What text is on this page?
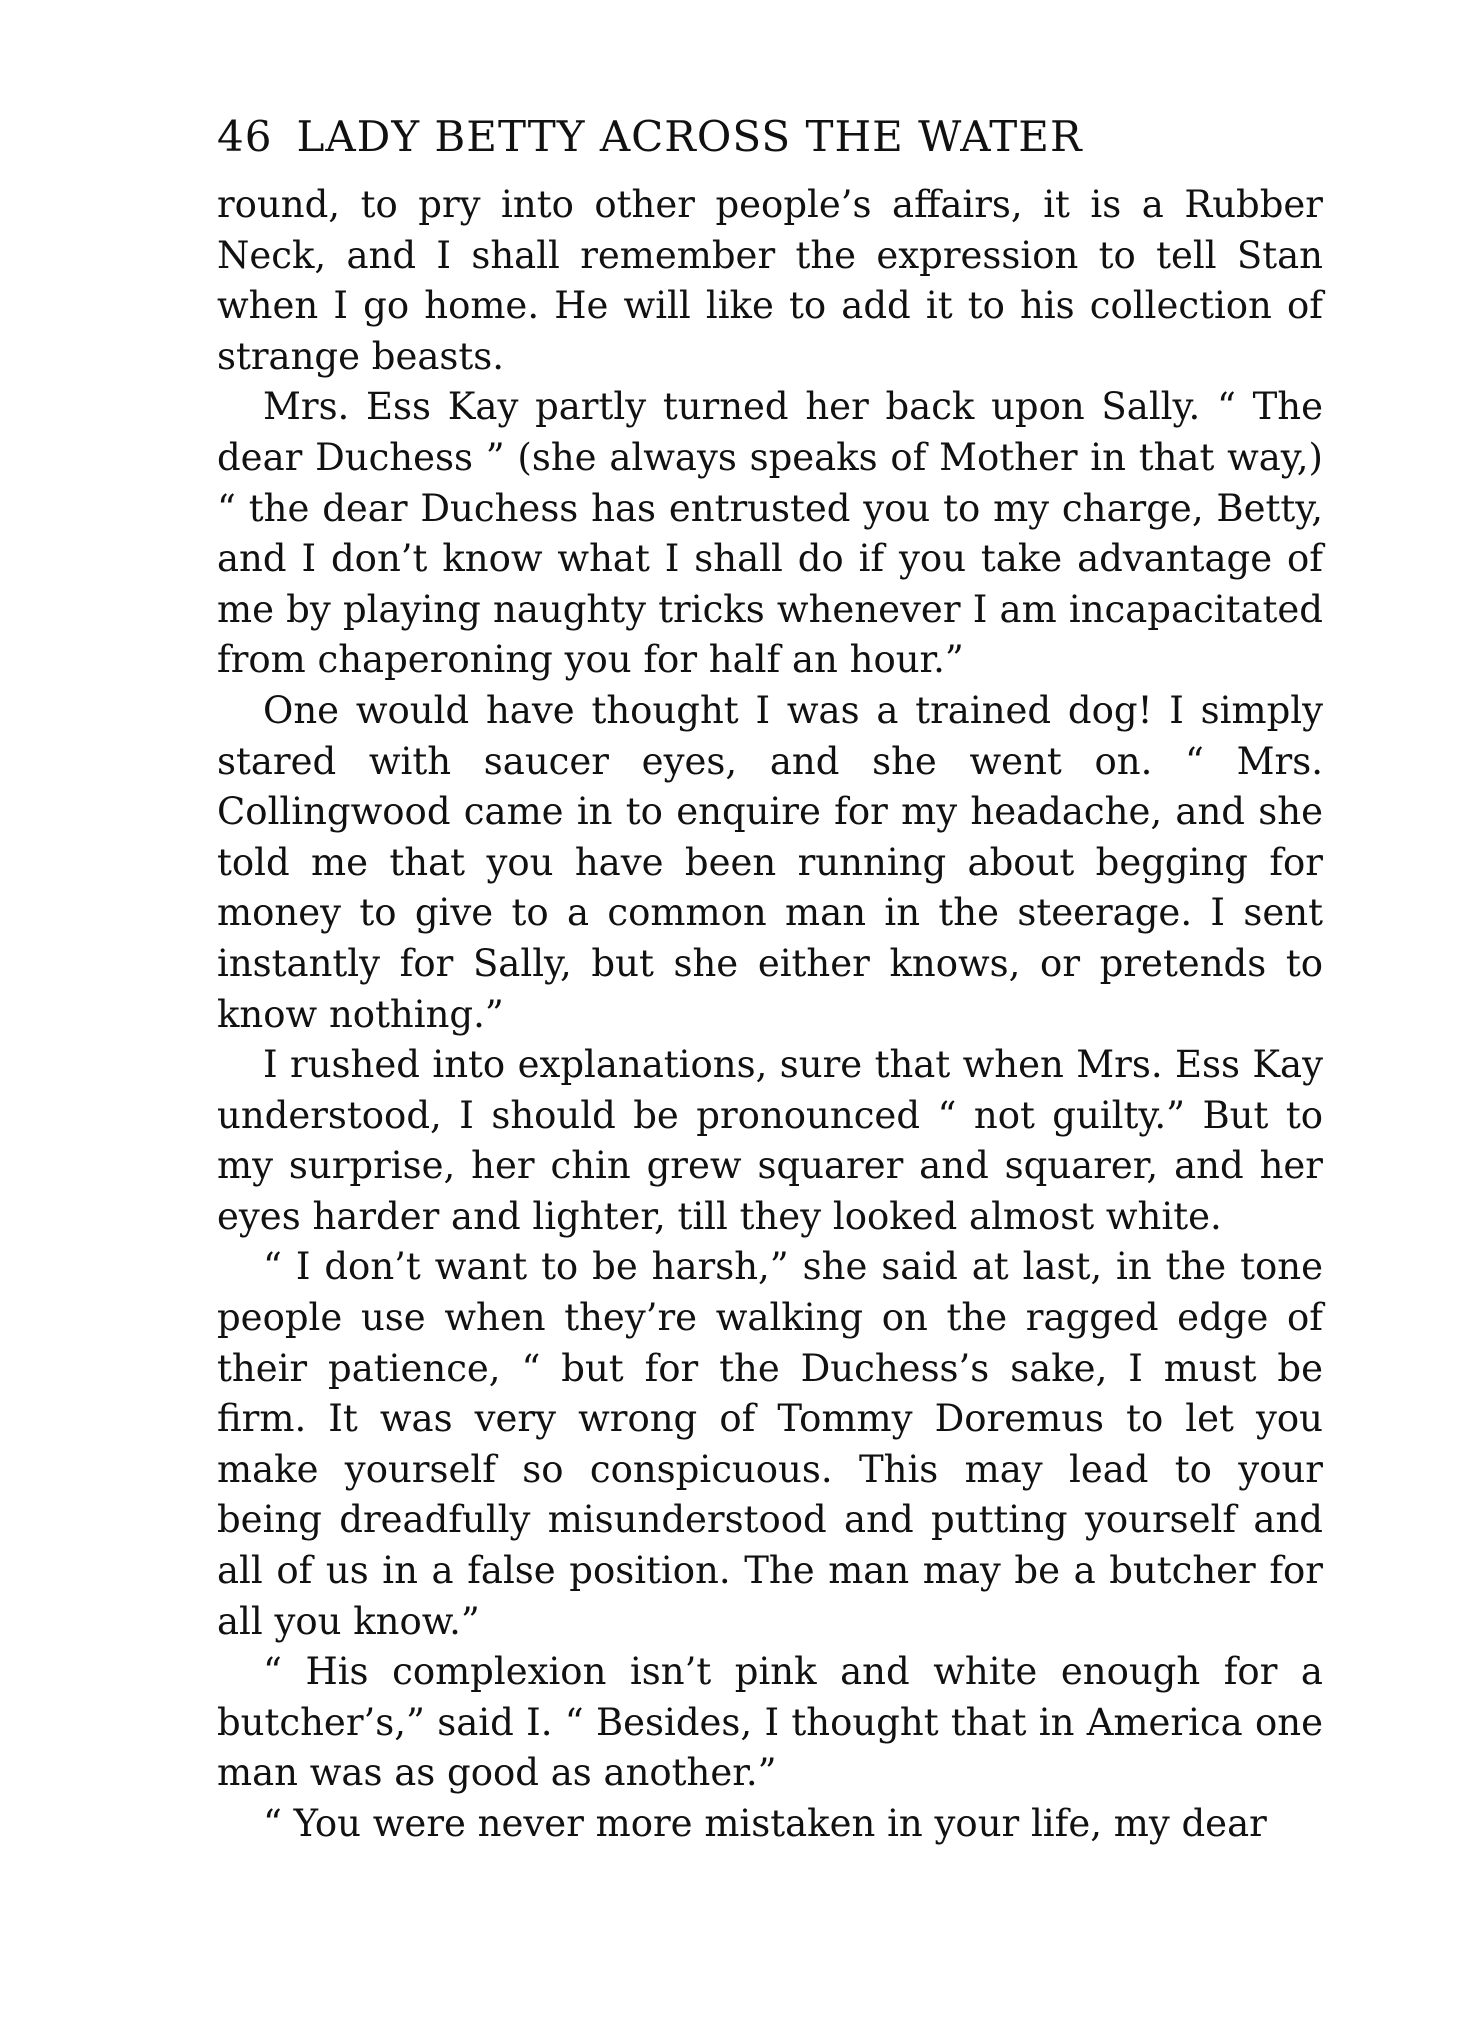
46 LADY BETTY ACROSS THE WATER

round, to pry into other people’s affairs, it is a Rubber Neck, and I shall remember the expression to tell Stan when I go home. He will like to add it to his collection of strange beasts.

Mrs. Ess Kay partly turned her back upon Sally. “ The dear Duchess ” (she always speaks of Mother in that way,) “ the dear Duchess has entrusted you to my charge, Betty, and I don’t know what I shall do if you take advantage of me by playing naughty tricks whenever I am incapacitated from chaperoning you for half an hour.”

One would have thought I was a trained dog! I simply stared with saucer eyes, and she went on. “ Mrs. Collingwood came in to enquire for my headache, and she told me that you have been running about begging for money to give to a common man in the steerage. I sent instantly for Sally, but she either knows, or pretends to know nothing.”

I rushed into explanations, sure that when Mrs. Ess Kay understood, I should be pronounced “ not guilty.” But to my surprise, her chin grew squarer and squarer, and her eyes harder and lighter, till they looked almost white.

“ I don’t want to be harsh,” she said at last, in the tone people use when they’re walking on the ragged edge of their patience, “ but for the Duchess’s sake, I must be firm. It was very wrong of Tommy Doremus to let you make yourself so conspicuous. This may lead to your being dreadfully misunderstood and putting yourself and all of us in a false position. The man may be a butcher for all you know.”

“ His complexion isn’t pink and white enough for a butcher’s,” said I. “ Besides, I thought that in America one man was as good as another.”

“ You were never more mistaken in your life, my dear
